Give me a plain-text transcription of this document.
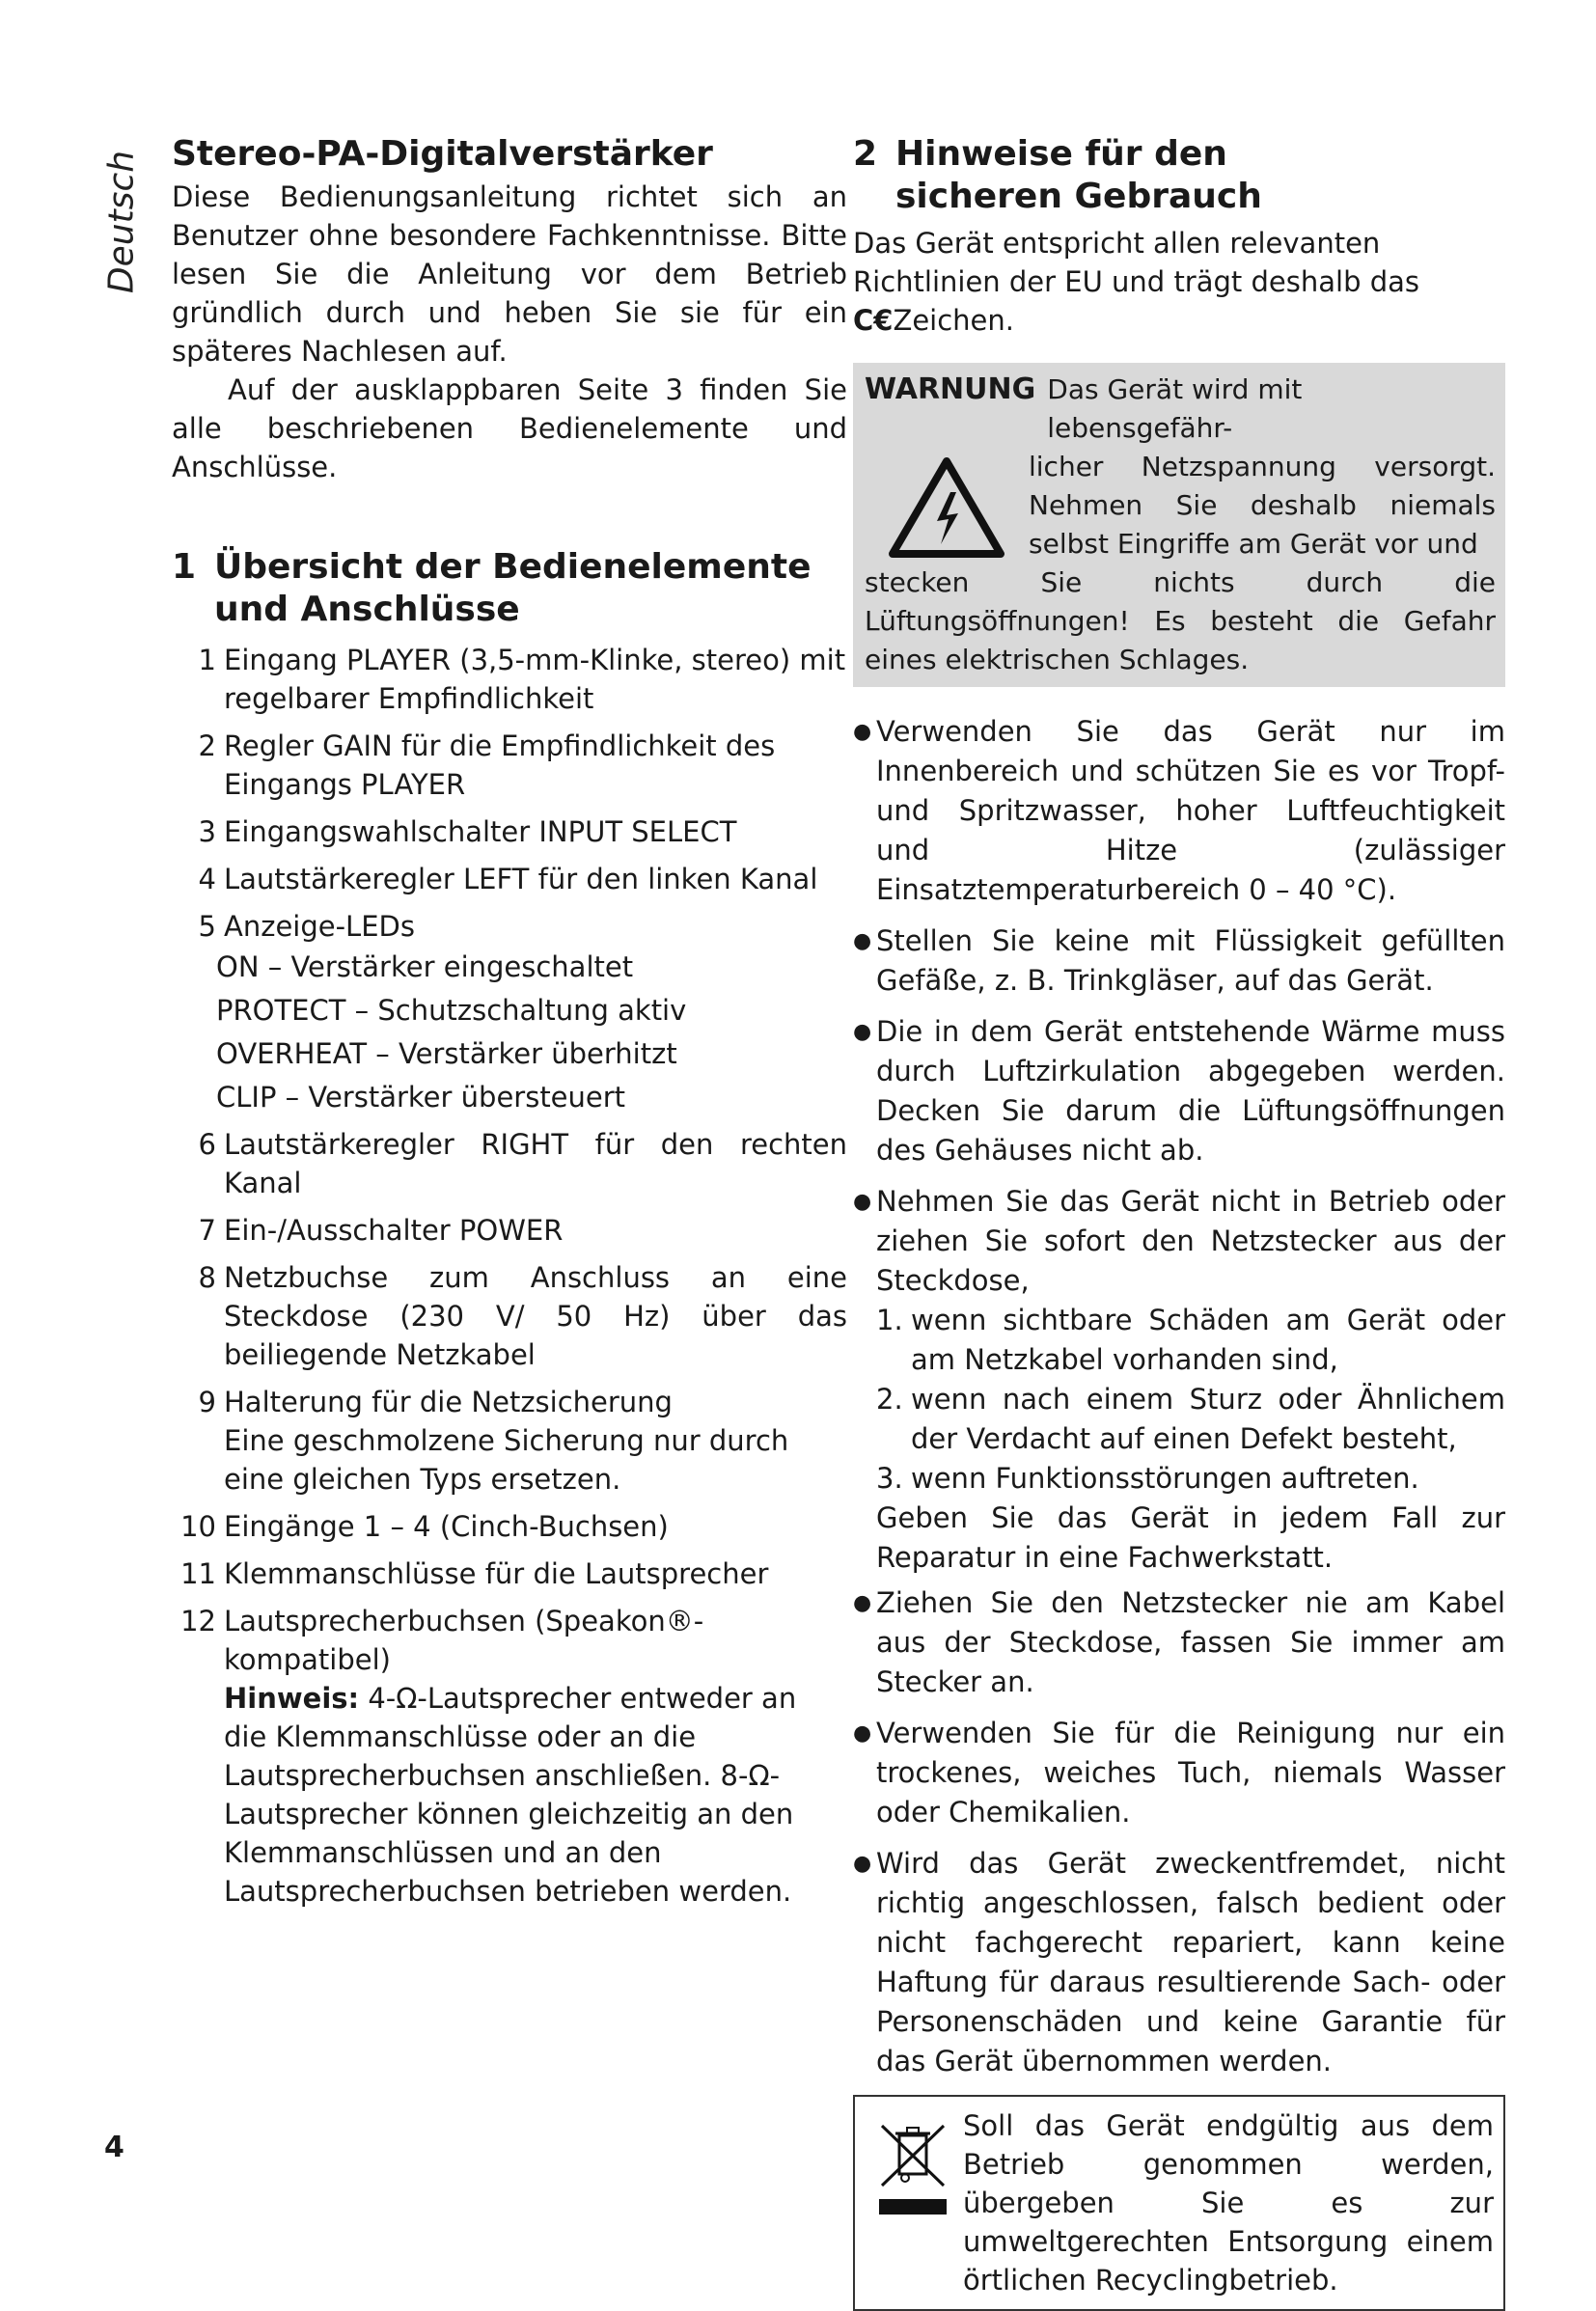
Deutsch Stereo-PA-Digitalverstärker

Diese Bedienungsanleitung richtet sich an Benutzer ohne besondere Fachkenntnisse. Bitte lesen Sie die Anleitung vor dem Betrieb gründlich durch und heben Sie sie für ein späteres Nachlesen auf.

Auf der ausklappbaren Seite 3 finden Sie alle beschriebenen Bedienelemente und Anschlüsse.

1 Übersicht der Bedienelemente
und Anschlüsse
1 Eingang PLAYER (3,5-mm-Klinke, stereo) mit regelbarer Empfindlichkeit
2 Regler GAIN für die Empfindlichkeit des Eingangs PLAYER
3 Eingangswahlschalter INPUT SELECT
4 Lautstärkeregler LEFT für den linken Kanal
5 Anzeige-LEDs
ON – Verstärker eingeschaltet
PROTECT – Schutzschaltung aktiv
OVERHEAT – Verstärker überhitzt
CLIP – Verstärker übersteuert
6 Lautstärkeregler RIGHT für den rechten Kanal
7 Ein-/Ausschalter POWER
8 Netzbuchse zum Anschluss an eine Steckdose (230 V/ 50 Hz) über das beiliegende Netzkabel
9 Halterung für die Netzsicherung
Eine geschmolzene Sicherung nur durch eine gleichen Typs ersetzen.
10 Eingänge 1 – 4 (Cinch-Buchsen)
11 Klemmanschlüsse für die Lautsprecher
12 Lautsprecherbuchsen (Speakon®-kompatibel)
Hinweis: 4-Ω-Lautsprecher entweder an die Klemmanschlüsse oder an die Lautsprecherbuchsen anschließen. 8-Ω-Lautsprecher können gleichzeitig an den Klemmanschlüssen und an den Lautsprecherbuchsen betrieben werden.
2 Hinweise für den
sicheren Gebrauch

Das Gerät entspricht allen relevanten Richtlinien der EU und trägt deshalb das C€Zeichen.

WARNUNG Das Gerät wird mit lebensgefähr-
licher Netzspannung versorgt. Nehmen Sie deshalb niemals selbst Eingriffe am Gerät vor und
stecken Sie nichts durch die Lüftungsöffnungen! Es besteht die Gefahr eines elektrischen Schlages.
● Verwenden Sie das Gerät nur im Innenbereich und schützen Sie es vor Tropf- und Spritzwasser, hoher Luftfeuchtigkeit und Hitze (zulässiger Einsatztemperaturbereich 0 – 40 °C).
● Stellen Sie keine mit Flüssigkeit gefüllten Gefäße, z. B. Trinkgläser, auf das Gerät.
● Die in dem Gerät entstehende Wärme muss durch Luftzirkulation abgegeben werden. Decken Sie darum die Lüftungsöffnungen des Gehäuses nicht ab.
● Nehmen Sie das Gerät nicht in Betrieb oder ziehen Sie sofort den Netzstecker aus der Steckdose,
1. wenn sichtbare Schäden am Gerät oder am Netzkabel vorhanden sind,
2. wenn nach einem Sturz oder Ähnlichem der Verdacht auf einen Defekt besteht,
3. wenn Funktionsstörungen auftreten.
Geben Sie das Gerät in jedem Fall zur Reparatur in eine Fachwerkstatt.
● Ziehen Sie den Netzstecker nie am Kabel aus der Steckdose, fassen Sie immer am Stecker an.
● Verwenden Sie für die Reinigung nur ein trockenes, weiches Tuch, niemals Wasser oder Chemikalien.
● Wird das Gerät zweckentfremdet, nicht richtig angeschlossen, falsch bedient oder nicht fachgerecht repariert, kann keine Haftung für daraus resultierende Sach- oder Personenschäden und keine Garantie für das Gerät übernommen werden.
Soll das Gerät endgültig aus dem Betrieb genommen werden, übergeben Sie es zur umweltgerechten Entsorgung einem örtlichen Recyclingbetrieb.
4
